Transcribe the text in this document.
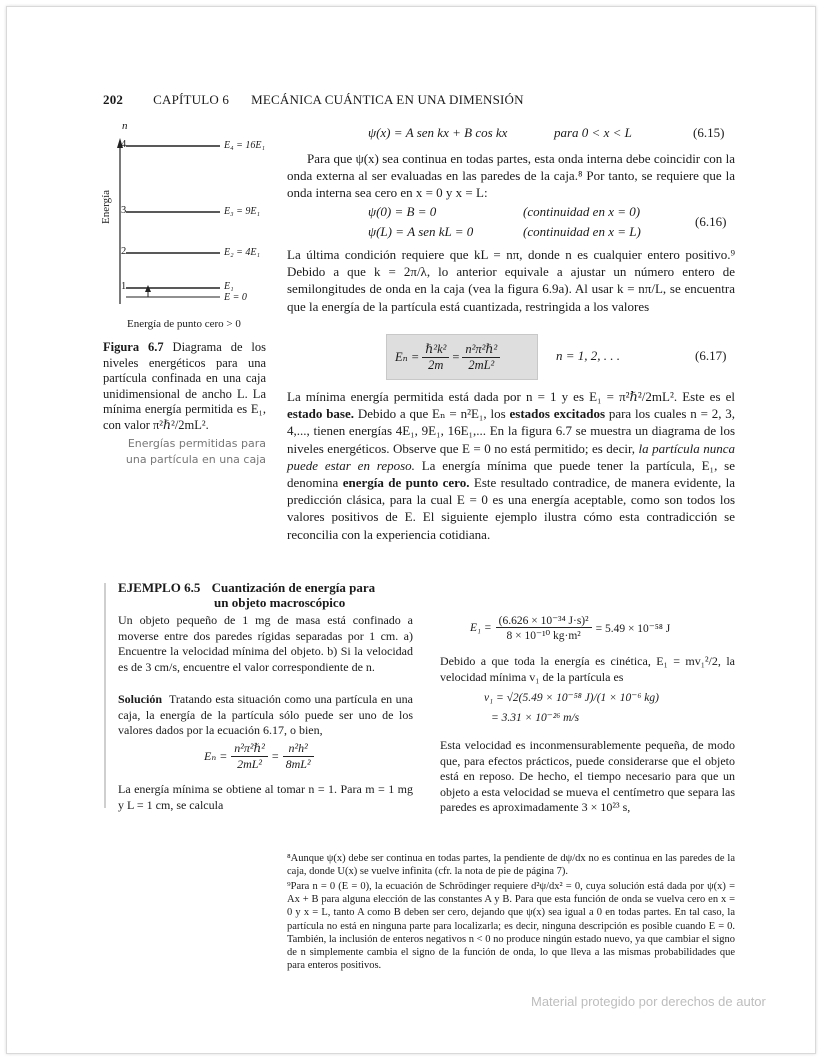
202 CAPÍTULO 6 MECÁNICA CUÁNTICA EN UNA DIMENSIÓN
n
Energía
4	E₄ = 16E₁
3	E₃ = 9E₁
2	E₂ = 4E₁
1	E₁
E = 0
Energía de punto cero > 0
Figura 6.7 Diagrama de los niveles energéticos para una partícula confinada en una caja unidimensional de ancho L. La mínima energía permitida es E₁, con valor π²ℏ²/2mL².
Energías permitidas para
una partícula en una caja
ψ(x) = A sen kx + B cos kx	para 0 < x < L	(6.15)
Para que ψ(x) sea continua en todas partes, esta onda interna debe coincidir con la onda externa al ser evaluadas en las paredes de la caja.⁸ Por tanto, se requiere que la onda interna sea cero en x = 0 y x = L:
ψ(0) = B = 0	(continuidad en x = 0)
ψ(L) = A sen kL = 0	(continuidad en x = L)
(6.16)
La última condición requiere que kL = nπ, donde n es cualquier entero positivo.⁹ Debido a que k = 2π/λ, lo anterior equivale a ajustar un número entero de semilongitudes de onda en la caja (vea la figura 6.9a). Al usar k = nπ/L, se encuentra que la energía de la partícula está cuantizada, restringida a los valores
$E_n = \frac{\text{ℏ²k²}}{2m} = \frac{\text{n²π²ℏ²}}{\text{2mL²}}$	n = 1, 2, . . .	(6.17)
La mínima energía permitida está dada por n = 1 y es E₁ = π²ℏ²/2mL². Este es el estado base. Debido a que Eₙ = n²E₁, los estados excitados para los cuales n = 2, 3, 4,..., tienen energías 4E₁, 9E₁, 16E₁,... En la figura 6.7 se muestra un diagrama de los niveles energéticos. Observe que E = 0 no está permitido; es decir, la partícula nunca puede estar en reposo. La energía mínima que puede tener la partícula, E₁, se denomina energía de punto cero. Este resultado contradice, de manera evidente, la predicción clásica, para la cual E = 0 es una energía aceptable, como son todos los valores positivos de E. El siguiente ejemplo ilustra cómo esta contradicción se reconcilia con la experiencia cotidiana.
EJEMPLO 6.5 Cuantización de energía para
un objeto macroscópico
Un objeto pequeño de 1 mg de masa está confinado a moverse entre dos paredes rígidas separadas por 1 cm. a) Encuentre la velocidad mínima del objeto. b) Si la velocidad es de 3 cm/s, encuentre el valor correspondiente de n.
Solución Tratando esta situación como una partícula en una caja, la energía de la partícula sólo puede ser uno de los valores dados por la ecuación 6.17, o bien,
$E_n = \frac{\text{n²π²ℏ²}}{\text{2mL²}} = \frac{\text{n²h²}}{\text{8mL²}}$
La energía mínima se obtiene al tomar n = 1. Para m = 1 mg y L = 1 cm, se calcula
$E_1 = \frac{\text{(6.626 × 10⁻³⁴ J·s)²}}{\text{8 × 10⁻¹⁰ kg·m²}} = 5.49 \times 10^{-58}$ J
Debido a que toda la energía es cinética, E₁ = mv₁²/2, la velocidad mínima v₁ de la partícula es
v₁ = √2(5.49 × 10⁻⁵⁸ J)/(1 × 10⁻⁶ kg)
= 3.31 × 10⁻²⁶ m/s
Esta velocidad es inconmensurablemente pequeña, de modo que, para efectos prácticos, puede considerarse que el objeto está en reposo. De hecho, el tiempo necesario para que un objeto a esta velocidad se mueva el centímetro que separa las paredes es aproximadamente 3 × 10²³ s,
⁸Aunque ψ(x) debe ser continua en todas partes, la pendiente de dψ/dx no es continua en las paredes de la caja, donde U(x) se vuelve infinita (cfr. la nota de pie de página 7).
⁹Para n = 0 (E = 0), la ecuación de Schrödinger requiere d²ψ/dx² = 0, cuya solución está dada por ψ(x) = Ax + B para alguna elección de las constantes A y B. Para que esta función de onda se vuelva cero en x = 0 y x = L, tanto A como B deben ser cero, dejando que ψ(x) sea igual a 0 en todas partes. En tal caso, la partícula no está en ninguna parte para localizarla; es decir, ninguna descripción es posible cuando E = 0. También, la inclusión de enteros negativos n < 0 no produce ningún estado nuevo, ya que cambiar el signo de n simplemente cambia el signo de la función de onda, lo que lleva a las mismas probabilidades que para enteros positivos.
Material protegido por derechos de autor
